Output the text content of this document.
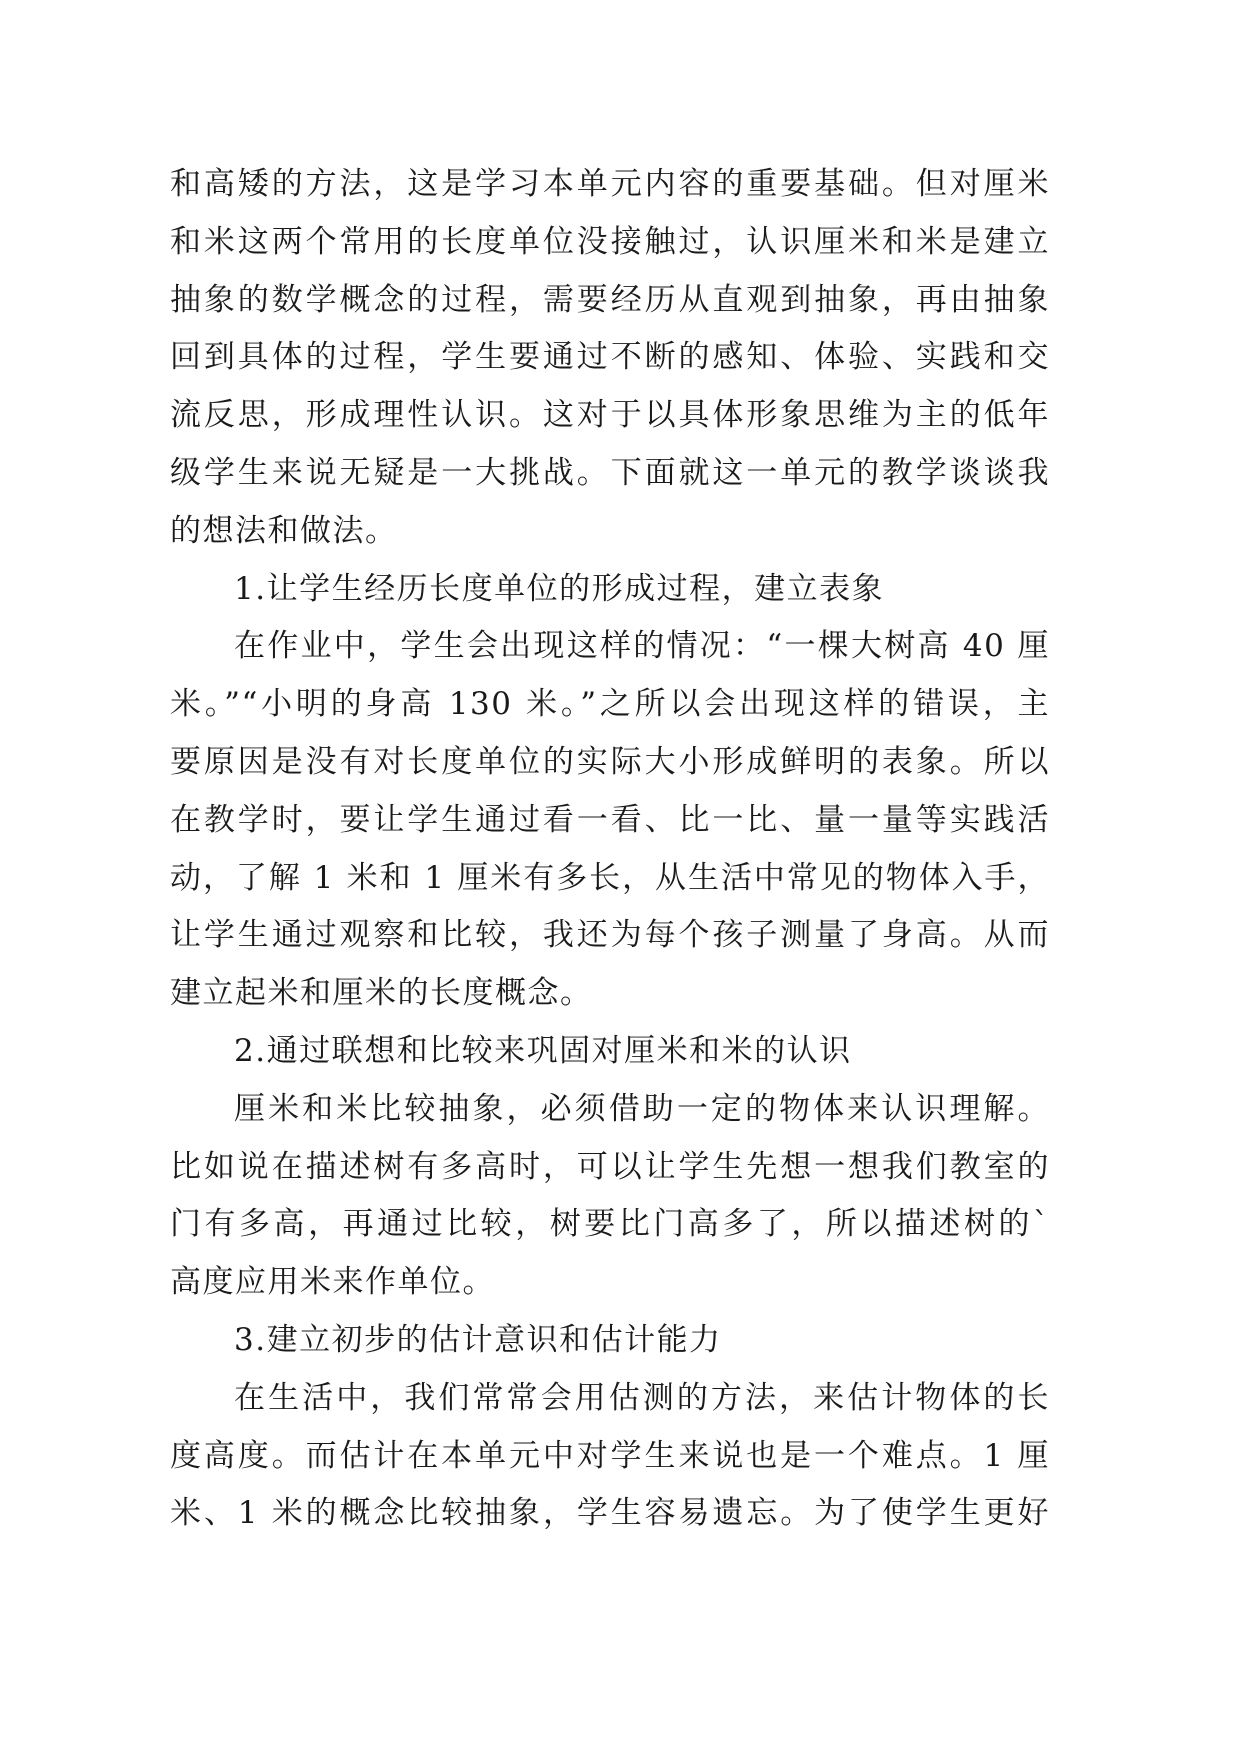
和高矮的方法，这是学习本单元内容的重要基础。但对厘米
和米这两个常用的长度单位没接触过，认识厘米和米是建立
抽象的数学概念的过程，需要经历从直观到抽象，再由抽象
回到具体的过程，学生要通过不断的感知、体验、实践和交
流反思，形成理性认识。这对于以具体形象思维为主的低年
级学生来说无疑是一大挑战。下面就这一单元的教学谈谈我
的想法和做法。
1.让学生经历长度单位的形成过程，建立表象
在作业中，学生会出现这样的情况：“一棵大树高 40 厘
米。”“小明的身高 130 米。”之所以会出现这样的错误，主
要原因是没有对长度单位的实际大小形成鲜明的表象。所以
在教学时，要让学生通过看一看、比一比、量一量等实践活
动，了解 1 米和 1 厘米有多长，从生活中常见的物体入手，
让学生通过观察和比较，我还为每个孩子测量了身高。从而
建立起米和厘米的长度概念。
2.通过联想和比较来巩固对厘米和米的认识
厘米和米比较抽象，必须借助一定的物体来认识理解。
比如说在描述树有多高时，可以让学生先想一想我们教室的
门有多高，再通过比较，树要比门高多了，所以描述树的`
高度应用米来作单位。
3.建立初步的估计意识和估计能力
在生活中，我们常常会用估测的方法，来估计物体的长
度高度。而估计在本单元中对学生来说也是一个难点。1 厘
米、1 米的概念比较抽象，学生容易遗忘。为了使学生更好
